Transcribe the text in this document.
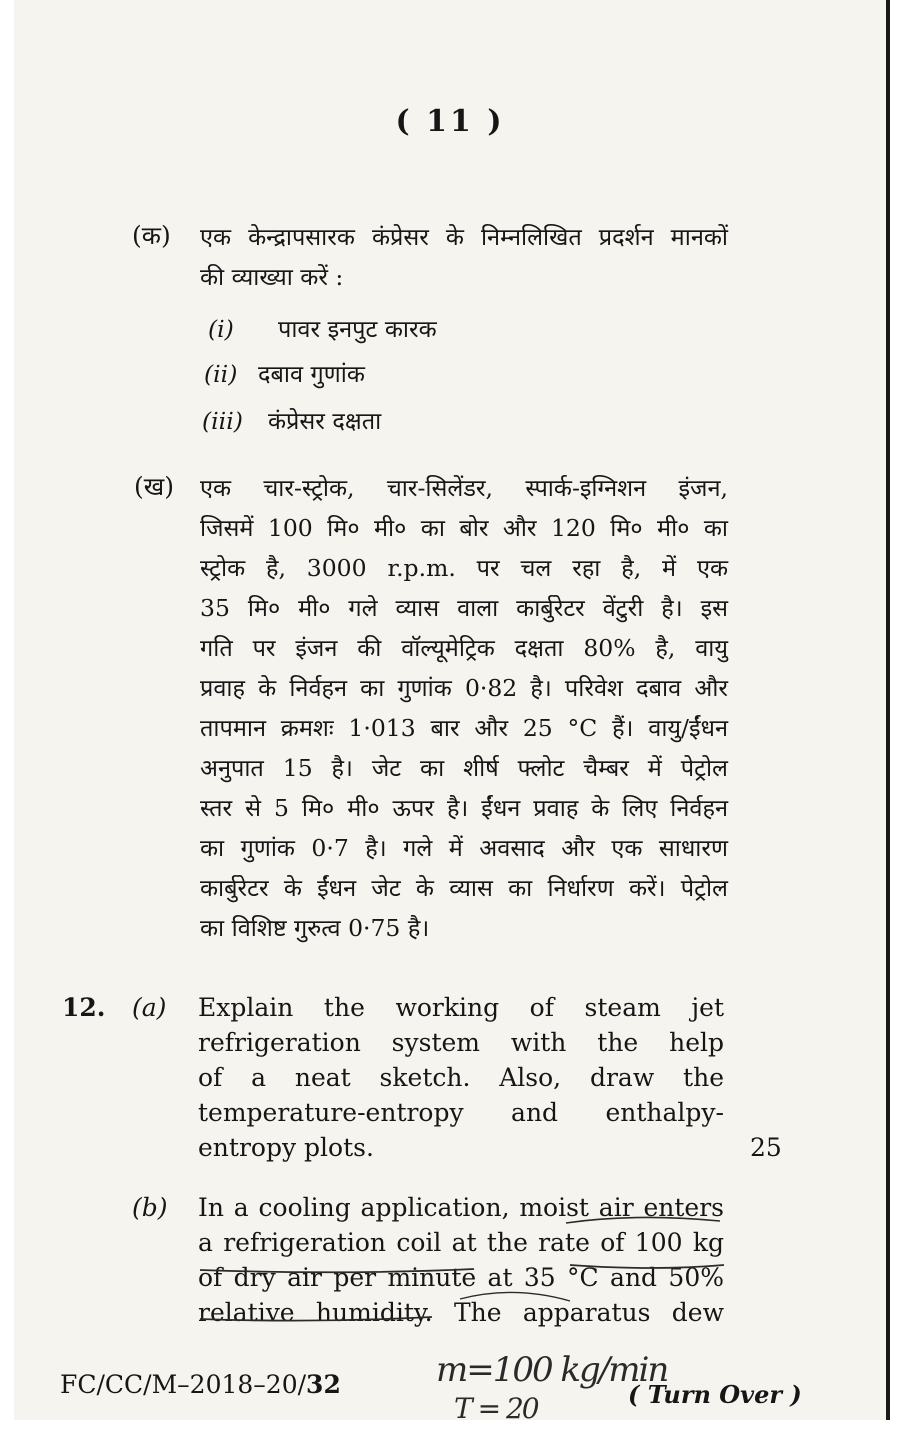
( 11 )
(क) एक केन्द्रापसारक कंप्रेसर के निम्नलिखित प्रदर्शन मानकों
की व्याख्या करें :
(i) पावर इनपुट कारक
(ii) दबाव गुणांक
(iii) कंप्रेसर दक्षता
(ख) एक चार-स्ट्रोक, चार-सिलेंडर, स्पार्क-इग्निशन इंजन,
जिसमें 100 मि० मी० का बोर और 120 मि० मी० का
स्ट्रोक है, 3000 r.p.m. पर चल रहा है, में एक
35 मि० मी० गले व्यास वाला कार्बुरेटर वेंटुरी है। इस
गति पर इंजन की वॉल्यूमेट्रिक दक्षता 80% है, वायु
प्रवाह के निर्वहन का गुणांक 0·82 है। परिवेश दबाव और
तापमान क्रमशः 1·013 बार और 25 °C हैं। वायु/ईंधन
अनुपात 15 है। जेट का शीर्ष फ्लोट चैम्बर में पेट्रोल
स्तर से 5 मि० मी० ऊपर है। ईंधन प्रवाह के लिए निर्वहन
का गुणांक 0·7 है। गले में अवसाद और एक साधारण
कार्बुरेटर के ईंधन जेट के व्यास का निर्धारण करें। पेट्रोल
का विशिष्ट गुरुत्व 0·75 है।
12. (a) Explain the working of steam jet
refrigeration system with the help
of a neat sketch. Also, draw the
temperature-entropy and enthalpy-
entropy plots.	25
(b) In a cooling application, moist air enters
a refrigeration coil at the rate of 100 kg
of dry air per minute at 35 °C and 50%
relative humidity. The apparatus dew
FC/CC/M–2018–20/32	m=100 kg/min
T = 20	( Turn Over )
